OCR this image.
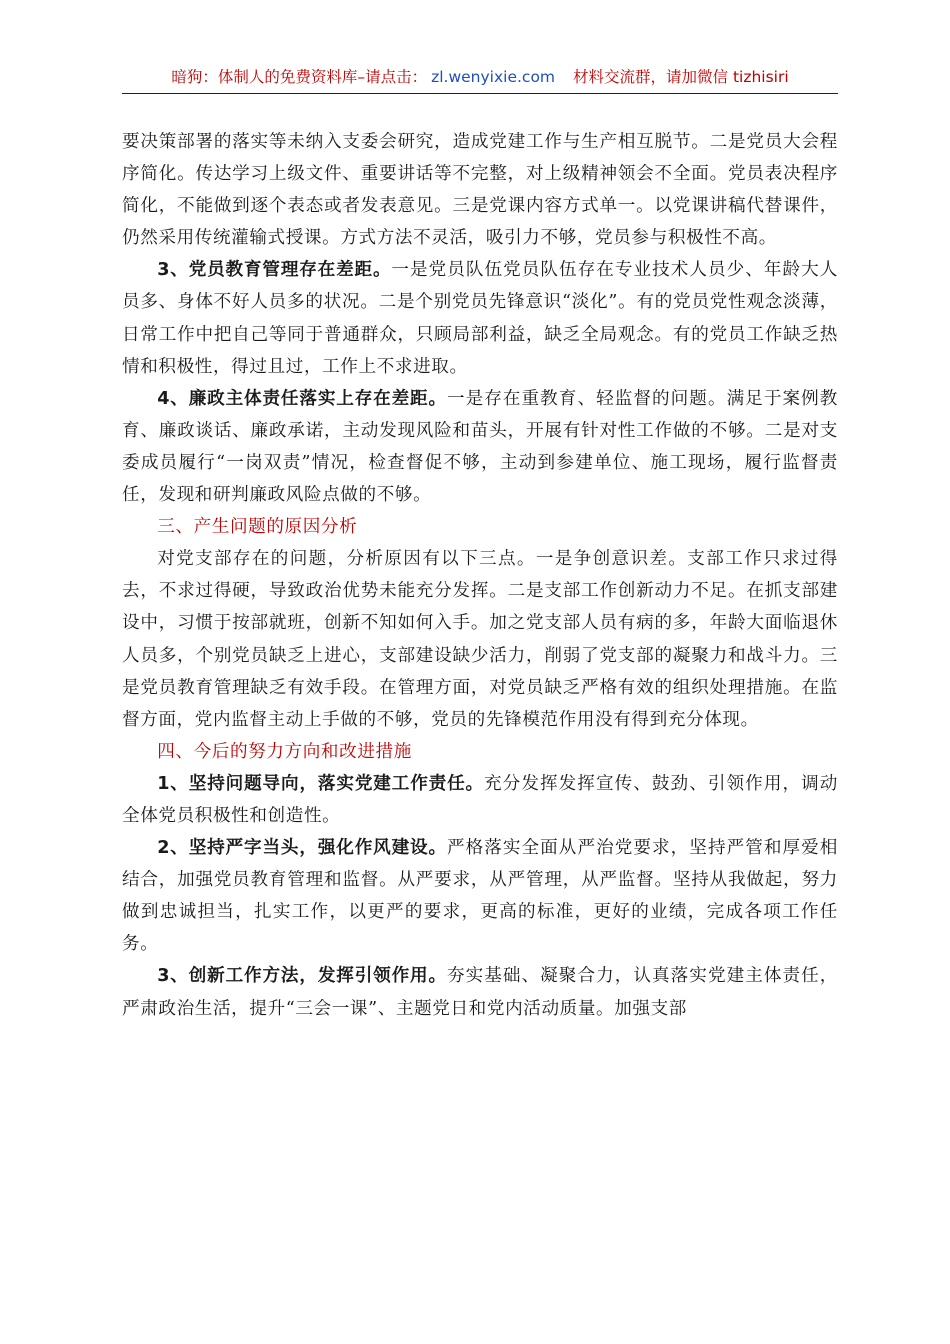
暗狗：体制人的免费资料库–请点击： zl.wenyixie.com 材料交流群，请加微信 tizhisiri

要决策部署的落实等未纳入支委会研究，造成党建工作与生产相互脱节。二是党员大会程序简化。传达学习上级文件、重要讲话等不完整，对上级精神领会不全面。党员表决程序简化，不能做到逐个表态或者发表意见。三是党课内容方式单一。以党课讲稿代替课件，仍然采用传统灌输式授课。方式方法不灵活，吸引力不够，党员参与积极性不高。

3、党员教育管理存在差距。一是党员队伍党员队伍存在专业技术人员少、年龄大人员多、身体不好人员多的状况。二是个别党员先锋意识“淡化”。有的党员党性观念淡薄，日常工作中把自己等同于普通群众，只顾局部利益，缺乏全局观念。有的党员工作缺乏热情和积极性，得过且过，工作上不求进取。

4、廉政主体责任落实上存在差距。一是存在重教育、轻监督的问题。满足于案例教育、廉政谈话、廉政承诺，主动发现风险和苗头，开展有针对性工作做的不够。二是对支委成员履行“一岗双责”情况，检查督促不够，主动到参建单位、施工现场，履行监督责任，发现和研判廉政风险点做的不够。

三、产生问题的原因分析

对党支部存在的问题，分析原因有以下三点。一是争创意识差。支部工作只求过得去，不求过得硬，导致政治优势未能充分发挥。二是支部工作创新动力不足。在抓支部建设中，习惯于按部就班，创新不知如何入手。加之党支部人员有病的多，年龄大面临退休人员多，个别党员缺乏上进心，支部建设缺少活力，削弱了党支部的凝聚力和战斗力。三是党员教育管理缺乏有效手段。在管理方面，对党员缺乏严格有效的组织处理措施。在监督方面，党内监督主动上手做的不够，党员的先锋模范作用没有得到充分体现。

四、今后的努力方向和改进措施

1、坚持问题导向，落实党建工作责任。充分发挥发挥宣传、鼓劲、引领作用，调动全体党员积极性和创造性。

2、坚持严字当头，强化作风建设。严格落实全面从严治党要求，坚持严管和厚爱相结合，加强党员教育管理和监督。从严要求，从严管理，从严监督。坚持从我做起，努力做到忠诚担当，扎实工作，以更严的要求，更高的标准，更好的业绩，完成各项工作任务。

3、创新工作方法，发挥引领作用。夯实基础、凝聚合力，认真落实党建主体责任，严肃政治生活，提升“三会一课”、主题党日和党内活动质量。加强支部
